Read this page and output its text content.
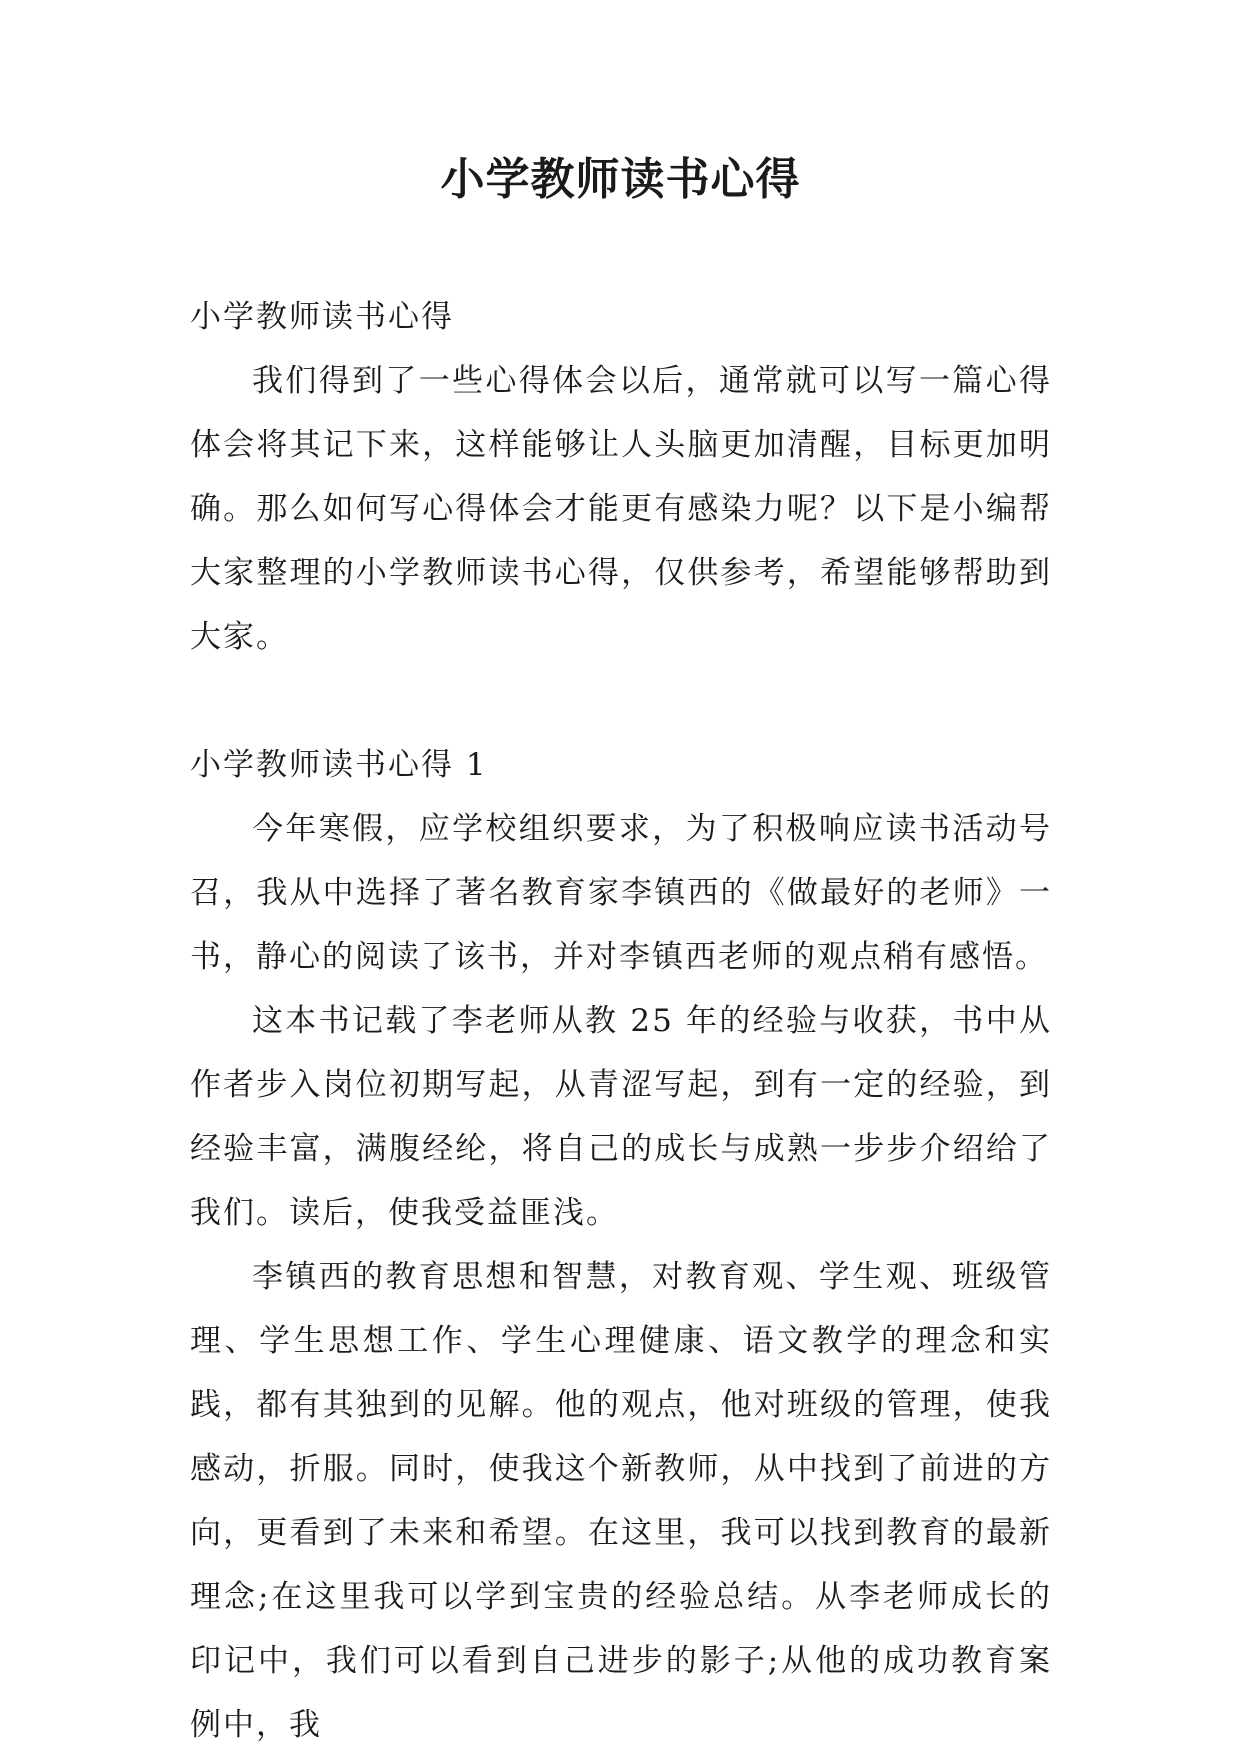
小学教师读书心得

小学教师读书心得

我们得到了一些心得体会以后，通常就可以写一篇心得体会将其记下来，这样能够让人头脑更加清醒，目标更加明确。那么如何写心得体会才能更有感染力呢？以下是小编帮大家整理的小学教师读书心得，仅供参考，希望能够帮助到大家。

小学教师读书心得 1

今年寒假，应学校组织要求，为了积极响应读书活动号召，我从中选择了著名教育家李镇西的《做最好的老师》一书，静心的阅读了该书，并对李镇西老师的观点稍有感悟。

这本书记载了李老师从教 25 年的经验与收获，书中从作者步入岗位初期写起，从青涩写起，到有一定的经验，到经验丰富，满腹经纶，将自己的成长与成熟一步步介绍给了我们。读后，使我受益匪浅。

李镇西的教育思想和智慧，对教育观、学生观、班级管理、学生思想工作、学生心理健康、语文教学的理念和实践，都有其独到的见解。他的观点，他对班级的管理，使我感动，折服。同时，使我这个新教师，从中找到了前进的方向，更看到了未来和希望。在这里，我可以找到教育的最新理念;在这里我可以学到宝贵的经验总结。从李老师成长的印记中，我们可以看到自己进步的影子;从他的成功教育案例中，我
